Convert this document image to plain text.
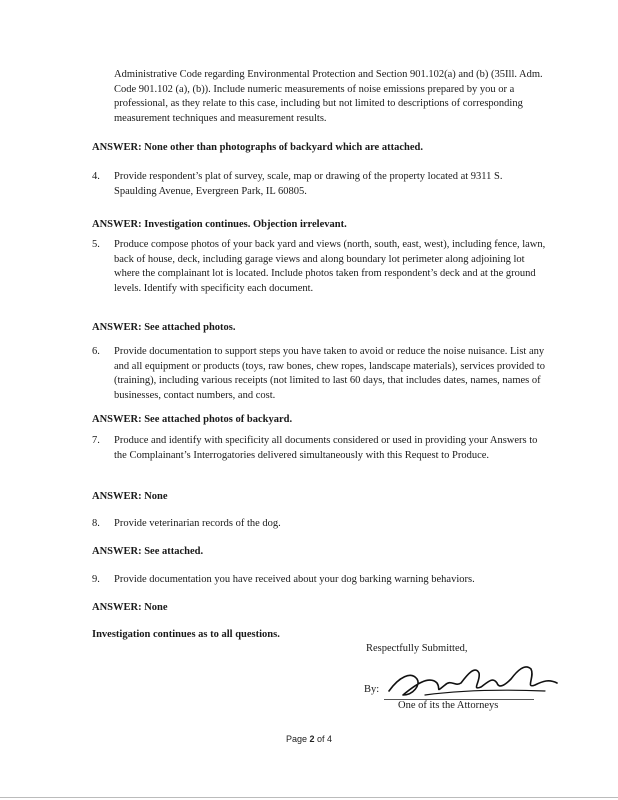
Administrative Code regarding Environmental Protection and Section 901.102(a) and (b) (35Ill. Adm. Code 901.102 (a), (b)). Include numeric measurements of noise emissions prepared by you or a professional, as they relate to this case, including but not limited to descriptions of corresponding measurement techniques and measurement results.
ANSWER: None other than photographs of backyard which are attached.
4.	Provide respondent’s plat of survey, scale, map or drawing of the property located at 9311 S. Spaulding Avenue, Evergreen Park, IL 60805.
ANSWER: Investigation continues. Objection irrelevant.
5.	Produce compose photos of your back yard and views (north, south, east, west), including fence, lawn, back of house, deck, including garage views and along boundary lot perimeter along adjoining lot where the complainant lot is located. Include photos taken from respondent’s deck and at the ground levels. Identify with specificity each document.
ANSWER: See attached photos.
6.	Provide documentation to support steps you have taken to avoid or reduce the noise nuisance. List any and all equipment or products (toys, raw bones, chew ropes, landscape materials), services provided to (training), including various receipts (not limited to last 60 days, that includes dates, names, names of businesses, contact numbers, and cost.
ANSWER: See attached photos of backyard.
7.	Produce and identify with specificity all documents considered or used in providing your Answers to the Complainant’s Interrogatories delivered simultaneously with this Request to Produce.
ANSWER: None
8.	Provide veterinarian records of the dog.
ANSWER: See attached.
9.	Provide documentation you have received about your dog barking warning behaviors.
ANSWER: None
Investigation continues as to all questions.
Respectfully Submitted,
By:
One of its the Attorneys
Page 2 of 4
